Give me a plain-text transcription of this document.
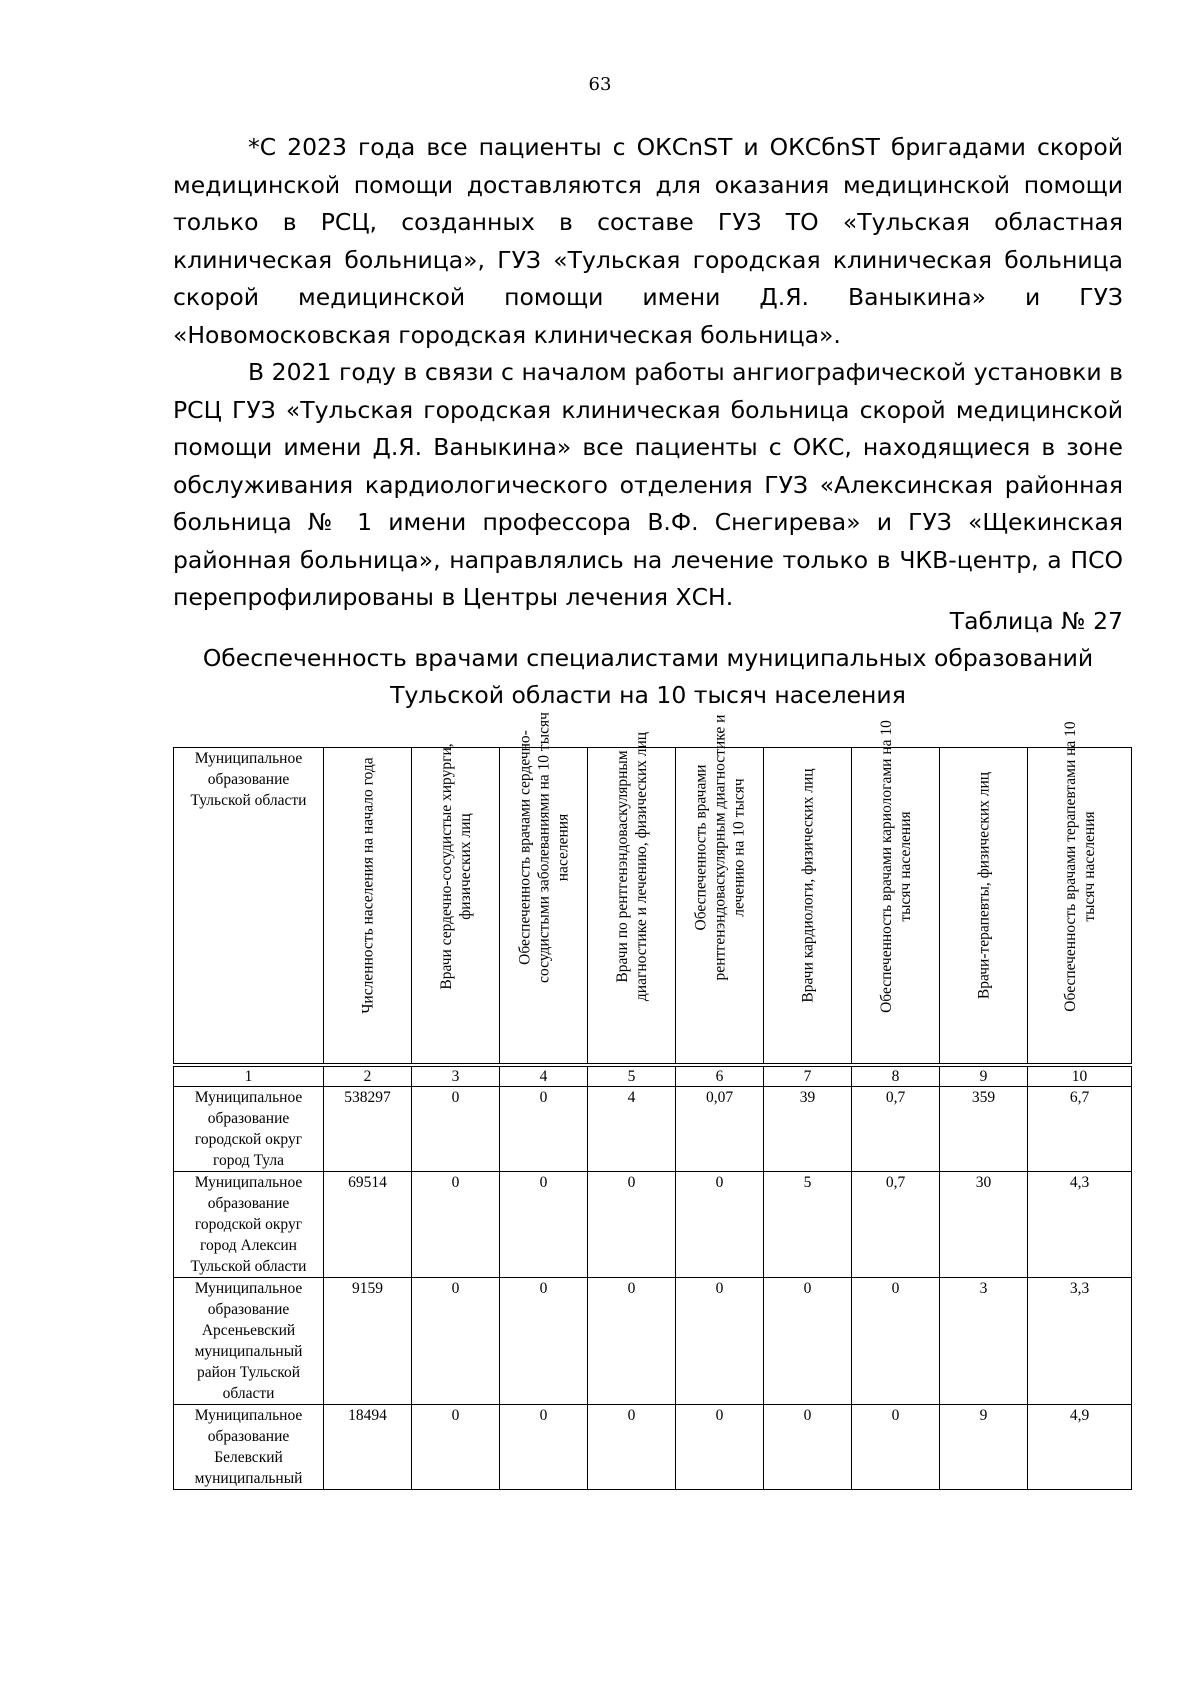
63

*С 2023 года все пациенты с ОКСnST и ОКСбnST бригадами скорой медицинской помощи доставляются для оказания медицинской помощи только в РСЦ, созданных в составе ГУЗ ТО «Тульская областная клиническая больница», ГУЗ «Тульская городская клиническая больница скорой медицинской помощи имени Д.Я. Ваныкина» и ГУЗ «Новомосковская городская клиническая больница».

В 2021 году в связи с началом работы ангиографической установки в РСЦ ГУЗ «Тульская городская клиническая больница скорой медицинской помощи имени Д.Я. Ваныкина» все пациенты с ОКС, находящиеся в зоне обслуживания кардиологического отделения ГУЗ «Алексинская районная больница № 1 имени профессора В.Ф. Снегирева» и ГУЗ «Щекинская районная больница», направлялись на лечение только в ЧКВ-центр, а ПСО перепрофилированы в Центры лечения ХСН.

Таблица № 27
Обеспеченность врачами специалистами муниципальных образований
Тульской области на 10 тысяч населения
Муниципальное образование Тульской области	Численность населения на начало года	Врачи сердечно-сосудистые хирурги, физических лиц	Обеспеченность врачами сердечно-сосудистыми заболеваниями на 10 тысяч населения	Врачи по рентгенэндоваскулярным диагностике и лечению, физических лиц	Обеспеченность врачами рентгенэндоваскулярным диагностике и лечению на 10 тысяч	Врачи кардиологи, физических лиц	Обеспеченность врачами кариологами на 10 тысяч населения	Врачи-терапевты, физических лиц	Обеспеченность врачами терапевтами на 10 тысяч населения

1	2	3	4	5	6	7	8	9	10
Муниципальное образование городской округ город Тула	538297	0	0	4	0,07	39	0,7	359	6,7
Муниципальное образование городской округ город Алексин Тульской области	69514	0	0	0	0	5	0,7	30	4,3
Муниципальное образование Арсеньевский муниципальный район Тульской области	9159	0	0	0	0	0	0	3	3,3
Муниципальное образование Белевский муниципальный	18494	0	0	0	0	0	0	9	4,9
